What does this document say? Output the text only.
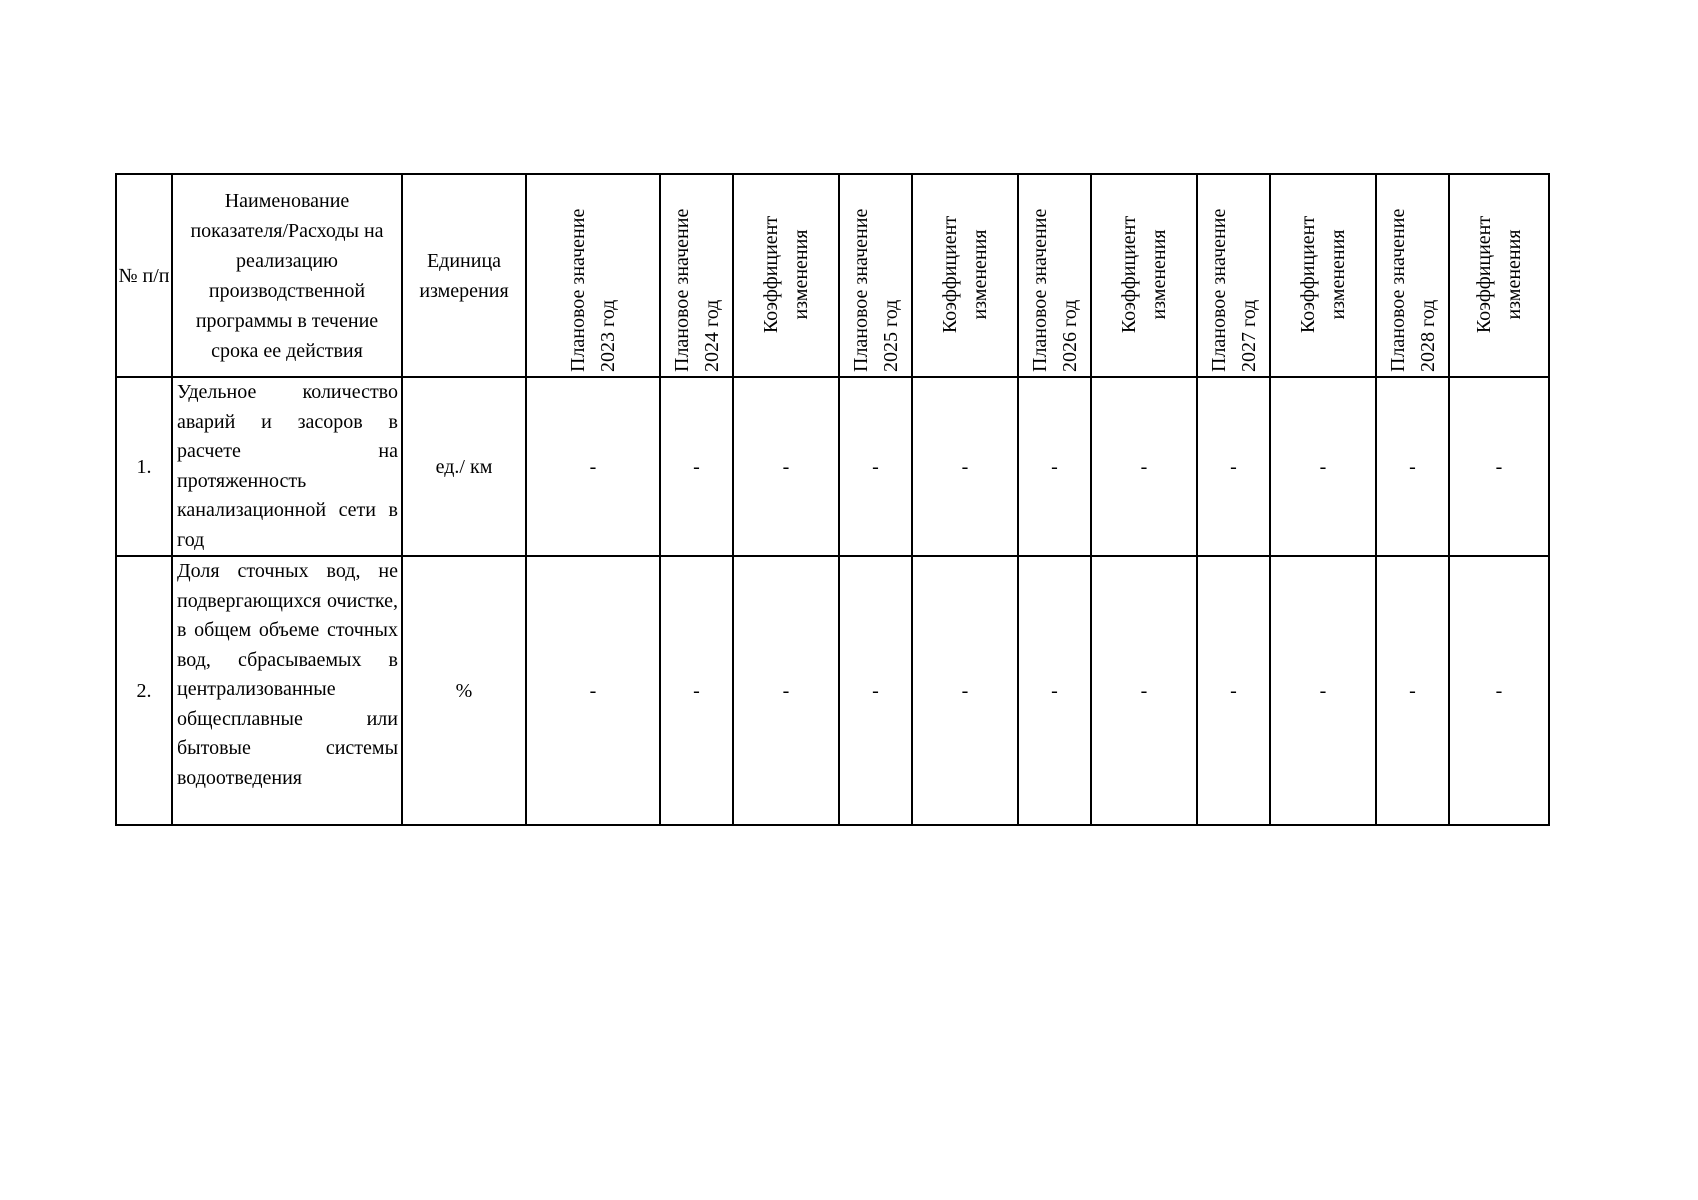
№ п/п	Наименование показателя/Расходы на реализацию производственной программы в течение срока ее действия	Единица измерения	Плановое значение 2023 год	Плановое значение 2024 год	Коэффициент изменения	Плановое значение 2025 год	Коэффициент изменения	Плановое значение 2026 год	Коэффициент изменения	Плановое значение 2027 год	Коэффициент изменения	Плановое значение 2028 год	Коэффициент изменения

1.	Удельное количество аварий и засоров в расчете на протяженность канализационной сети в год	ед./ км	-	-	-	-	-	-	-	-	-	-	-
2.	Доля сточных вод, не подвергающихся очистке, в общем объеме сточных вод, сбрасываемых в централизованные общесплавные или бытовые системы водоотведения	%	-	-	-	-	-	-	-	-	-	-	-
